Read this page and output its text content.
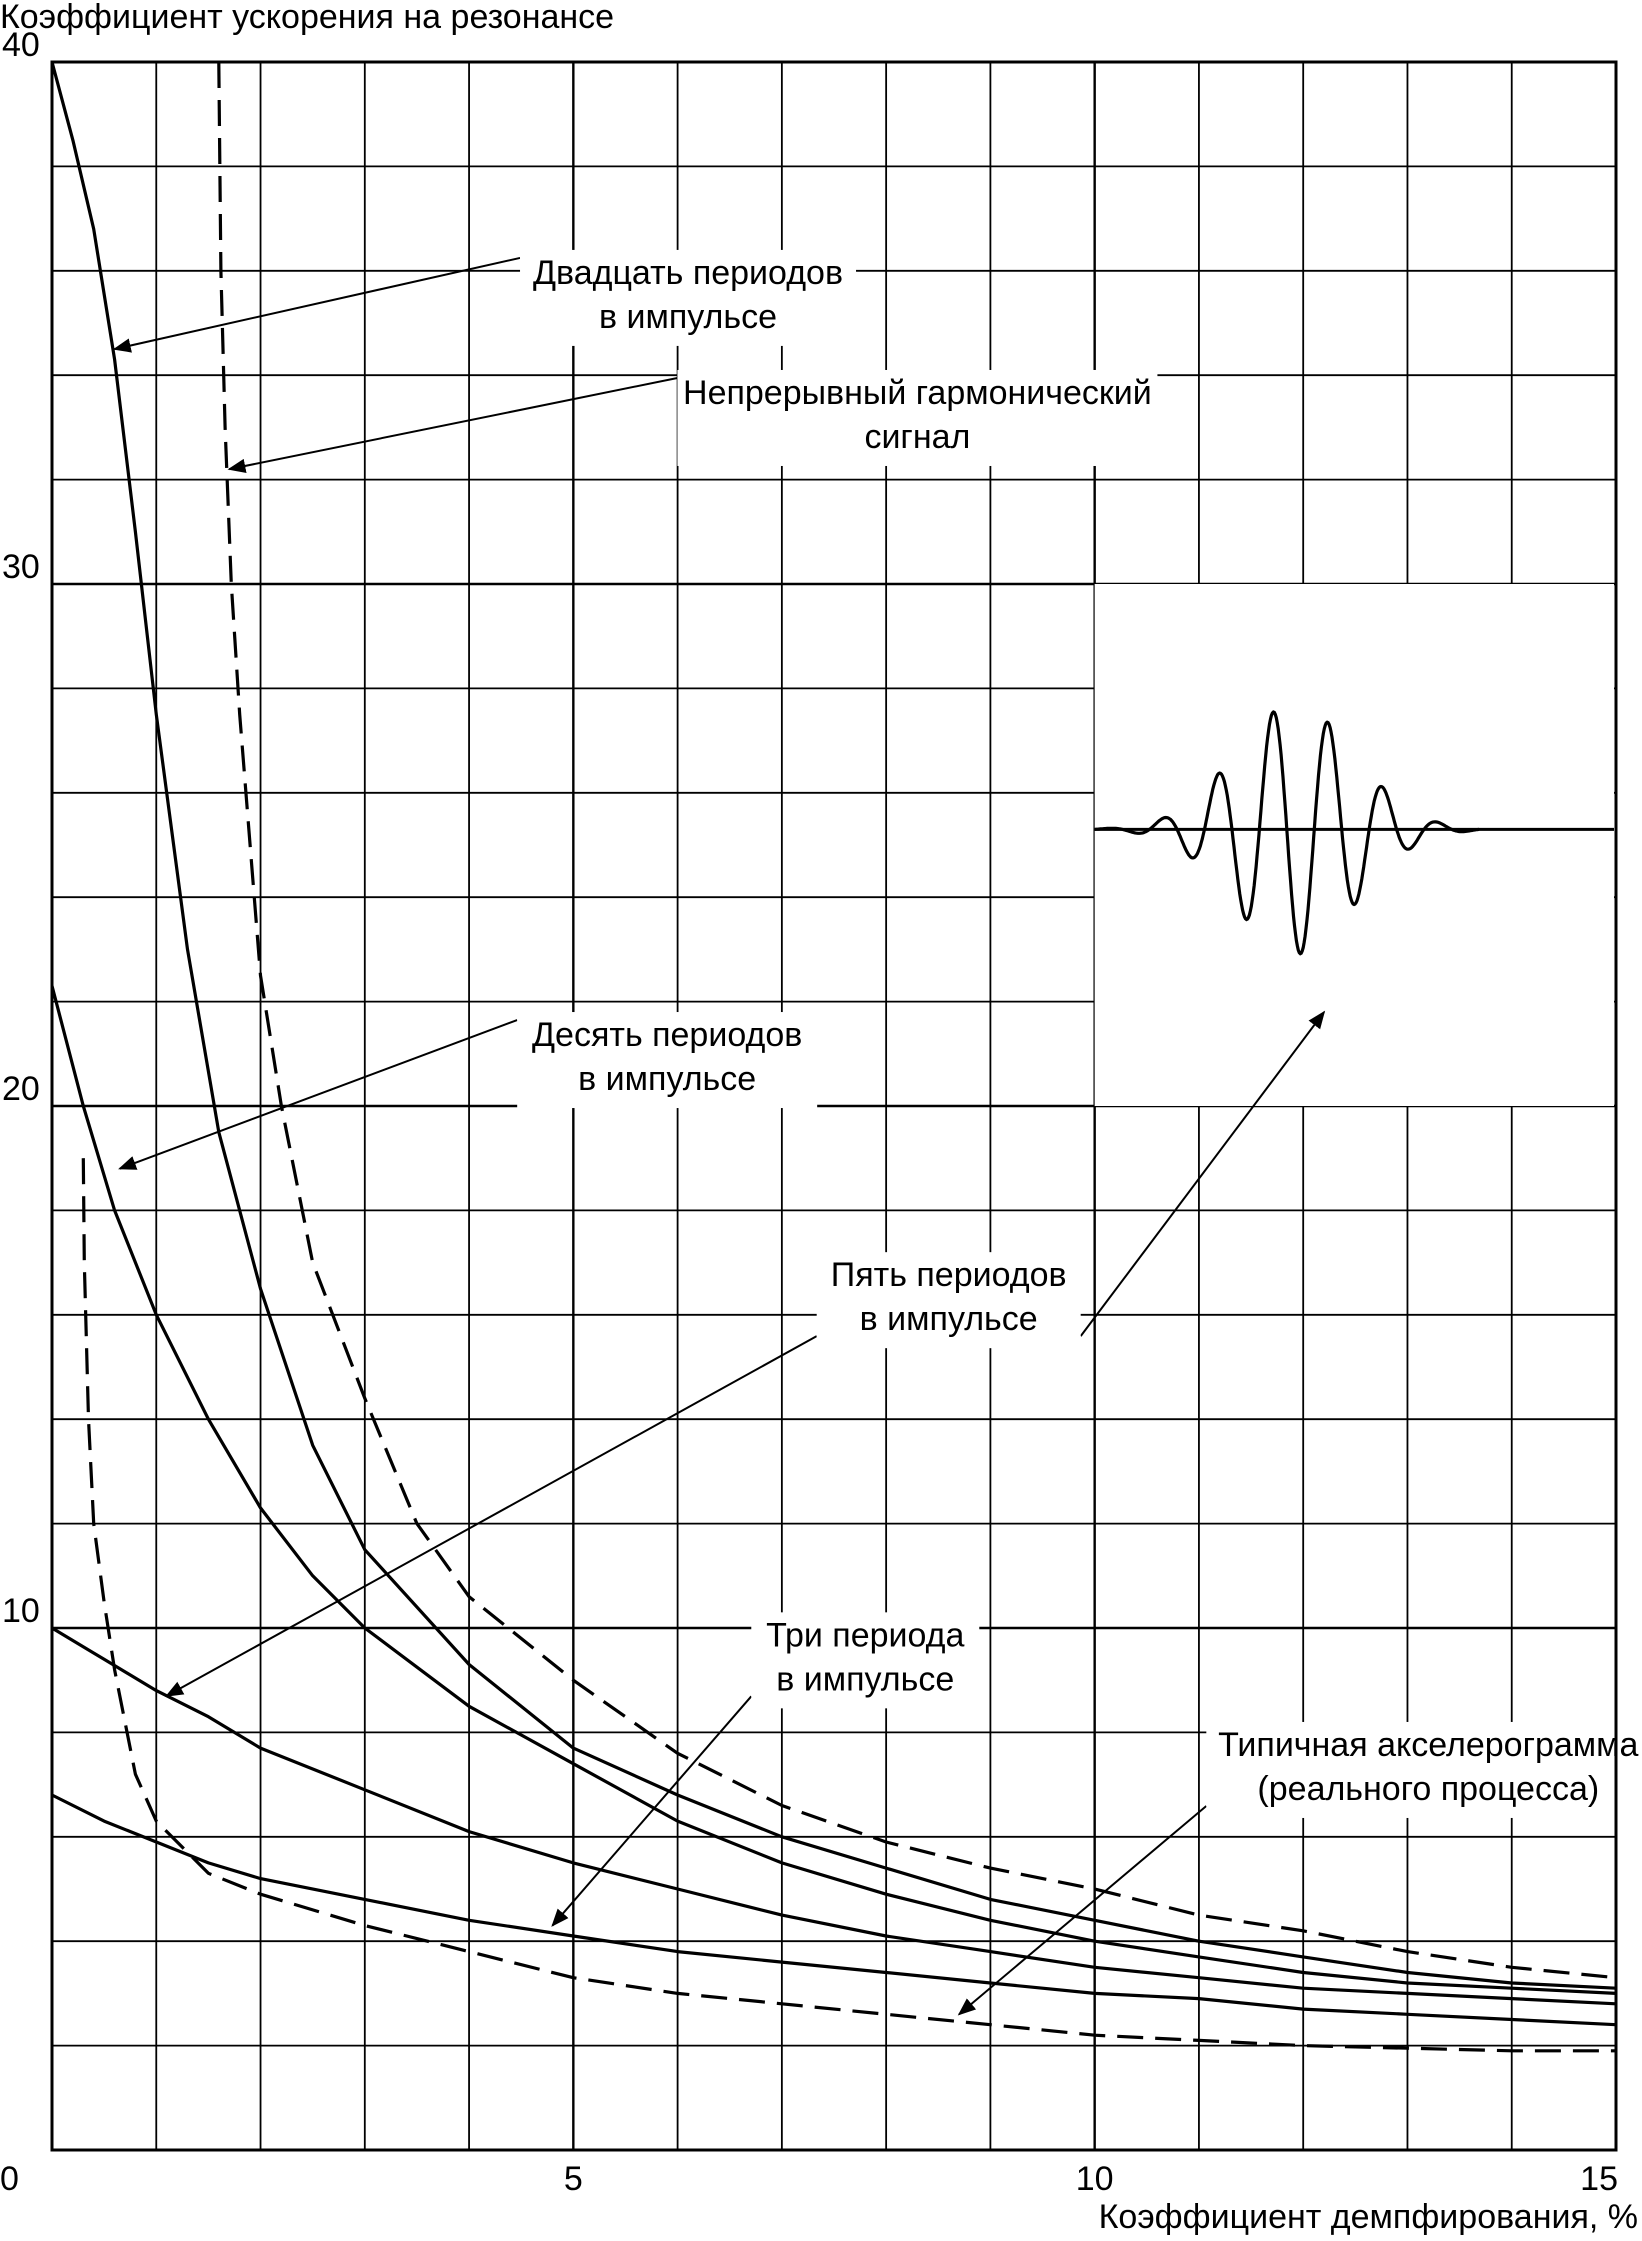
Двадцать периодов
в импульсе
Непрерывный гармонический
сигнал
Десять периодов
в импульсе
Пять периодов
в импульсе
Три периода
в импульсе
Типичная акселерограмма
(реального процесса)
0	5	10	15
10
20
30
40
Коэффициент ускорения на резонансе
Коэффициент демпфирования, %
